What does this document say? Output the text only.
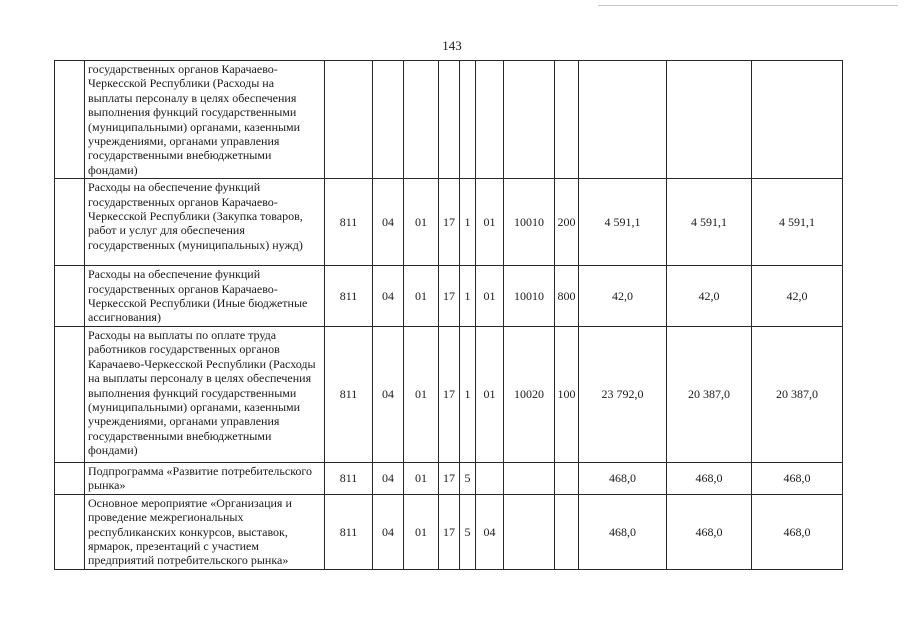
143
	государственных органов Карачаево-Черкесской Республики (Расходы на выплаты персоналу в целях обеспечения выполнения функций государственными (муниципальными) органами, казенными учреждениями, органами управления государственными внебюджетными фондами)											
	Расходы на обеспечение функций государственных органов Карачаево-Черкесской Республики (Закупка товаров, работ и услуг для обеспечения государственных (муниципальных) нужд)	811	04	01	17	1	01	10010	200	4 591,1	4 591,1	4 591,1
	Расходы на обеспечение функций государственных органов Карачаево-Черкесской Республики (Иные бюджетные ассигнования)	811	04	01	17	1	01	10010	800	42,0	42,0	42,0
	Расходы на выплаты по оплате труда работников государственных органов Карачаево-Черкесской Республики (Расходы на выплаты персоналу в целях обеспечения выполнения функций государственными (муниципальными) органами, казенными учреждениями, органами управления государственными внебюджетными фондами)	811	04	01	17	1	01	10020	100	23 792,0	20 387,0	20 387,0
	Подпрограмма «Развитие потребительского рынка»	811	04	01	17	5				468,0	468,0	468,0
	Основное мероприятие «Организация и проведение межрегиональных республиканских конкурсов, выставок, ярмарок, презентаций с участием предприятий потребительского рынка»	811	04	01	17	5	04			468,0	468,0	468,0
